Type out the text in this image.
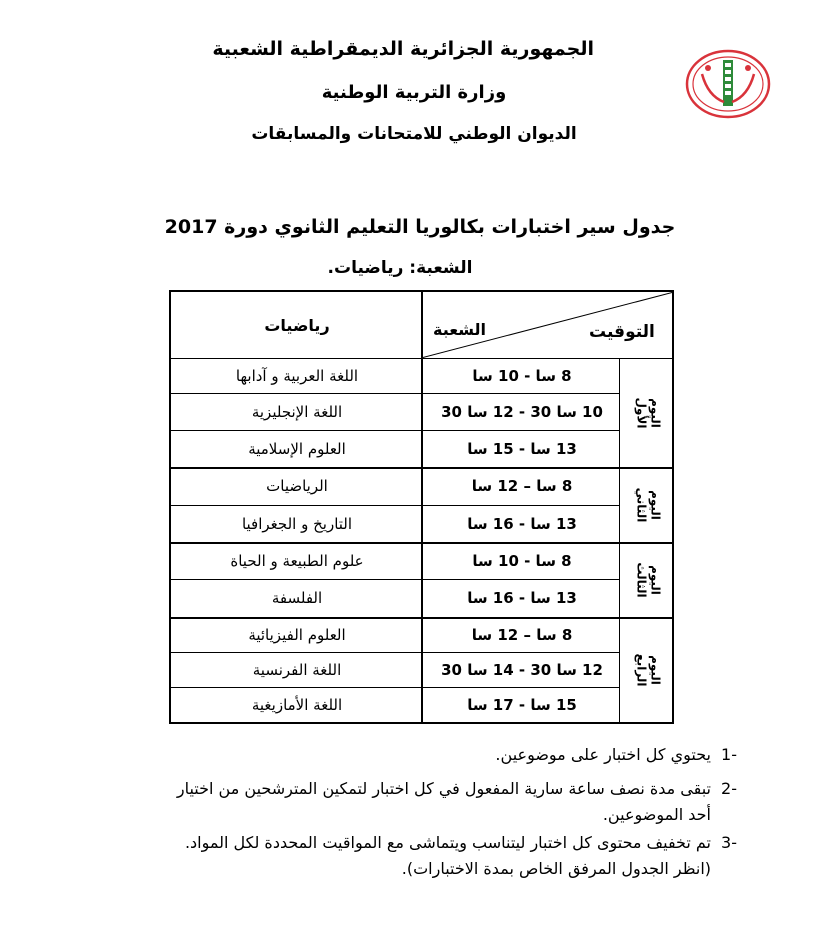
الجمهورية الجزائرية الديمقراطية الشعبية
وزارة التربية الوطنية
الديوان الوطني للامتحانات والمسابقات
جدول سير اختبارات بكالوريا التعليم الثانوي دورة 2017
الشعبة: رياضيات.
رياضيات	الشعبة	التوقيت
اليوم الأول
8 سا - 10 سا
اللغة العربية و آدابها
10 سا 30 - 12 سا 30
اللغة الإنجليزية
13 سا - 15 سا
العلوم الإسلامية
اليوم الثاني
8 سا – 12 سا
الرياضيات
13 سا - 16 سا
التاريخ و الجغرافيا
اليوم الثالث
8 سا - 10 سا
علوم الطبيعة و الحياة
13 سا - 16 سا
الفلسفة
اليوم الرابع
8 سا – 12 سا
العلوم الفيزيائية
12 سا 30 - 14 سا 30
اللغة الفرنسية
15 سا - 17 سا
اللغة الأمازيغية
-1
يحتوي كل اختبار على موضوعين.
-2
تبقى مدة نصف ساعة سارية المفعول في كل اختبار لتمكين المترشحين من اختيار
أحد الموضوعين.
-3
تم تخفيف محتوى كل اختبار ليتناسب ويتماشى مع المواقيت المحددة لكل المواد.
(انظر الجدول المرفق الخاص بمدة الاختبارات).
